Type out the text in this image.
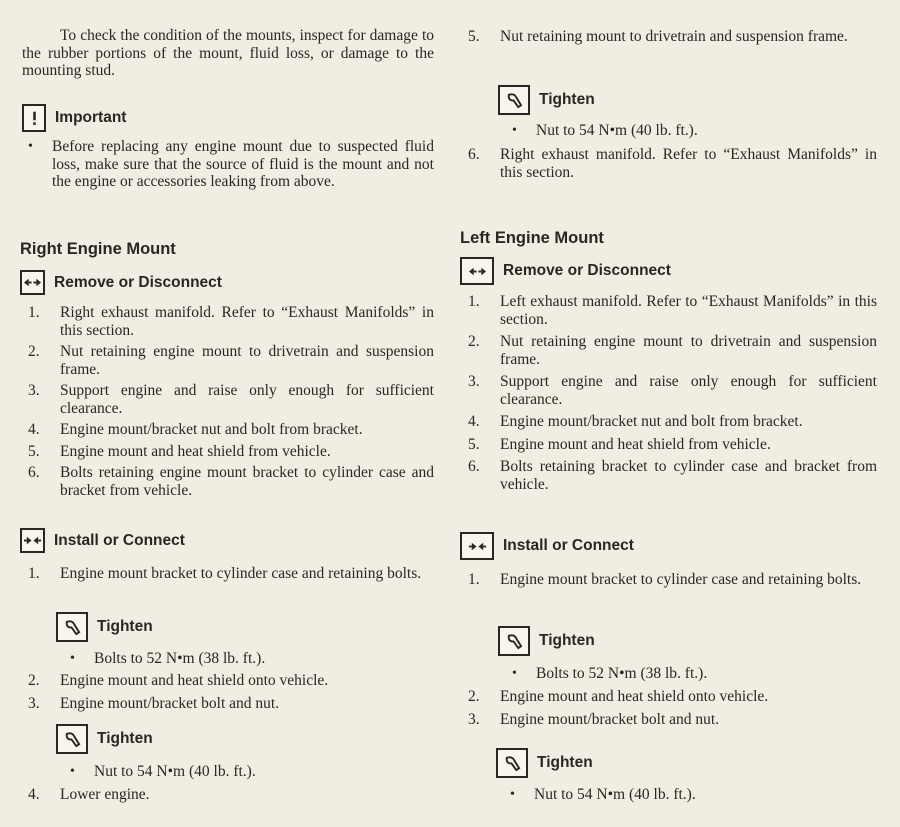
To check the condition of the mounts, inspect for damage to the rubber portions of the mount, fluid loss, or damage to the mounting stud.

Important
•	Before replacing any engine mount due to suspected fluid loss, make sure that the source of fluid is the mount and not the engine or accessories leaking from above.

Right Engine Mount

Remove or Disconnect
1.	Right exhaust manifold. Refer to “Exhaust Manifolds” in this section.
2.	Nut retaining engine mount to drivetrain and suspension frame.
3.	Support engine and raise only enough for sufficient clearance.
4.	Engine mount/bracket nut and bolt from bracket.
5.	Engine mount and heat shield from vehicle.
6.	Bolts retaining engine mount bracket to cylinder case and bracket from vehicle.
Install or Connect
1.	Engine mount bracket to cylinder case and retaining bolts.
Tighten
•	Bolts to 52 N•m (38 lb. ft.).
2.	Engine mount and heat shield onto vehicle.
3.	Engine mount/bracket bolt and nut.
Tighten
•	Nut to 54 N•m (40 lb. ft.).
4.	Lower engine.
5.	Nut retaining mount to drivetrain and suspension frame.
Tighten
•	Nut to 54 N•m (40 lb. ft.).
6.	Right exhaust manifold. Refer to “Exhaust Manifolds” in this section.

Left Engine Mount

Remove or Disconnect
1.	Left exhaust manifold. Refer to “Exhaust Manifolds” in this section.
2.	Nut retaining engine mount to drivetrain and suspension frame.
3.	Support engine and raise only enough for sufficient clearance.
4.	Engine mount/bracket nut and bolt from bracket.
5.	Engine mount and heat shield from vehicle.
6.	Bolts retaining bracket to cylinder case and bracket from vehicle.
Install or Connect
1.	Engine mount bracket to cylinder case and retaining bolts.
Tighten
•	Bolts to 52 N•m (38 lb. ft.).
2.	Engine mount and heat shield onto vehicle.
3.	Engine mount/bracket bolt and nut.
Tighten
•	Nut to 54 N•m (40 lb. ft.).
